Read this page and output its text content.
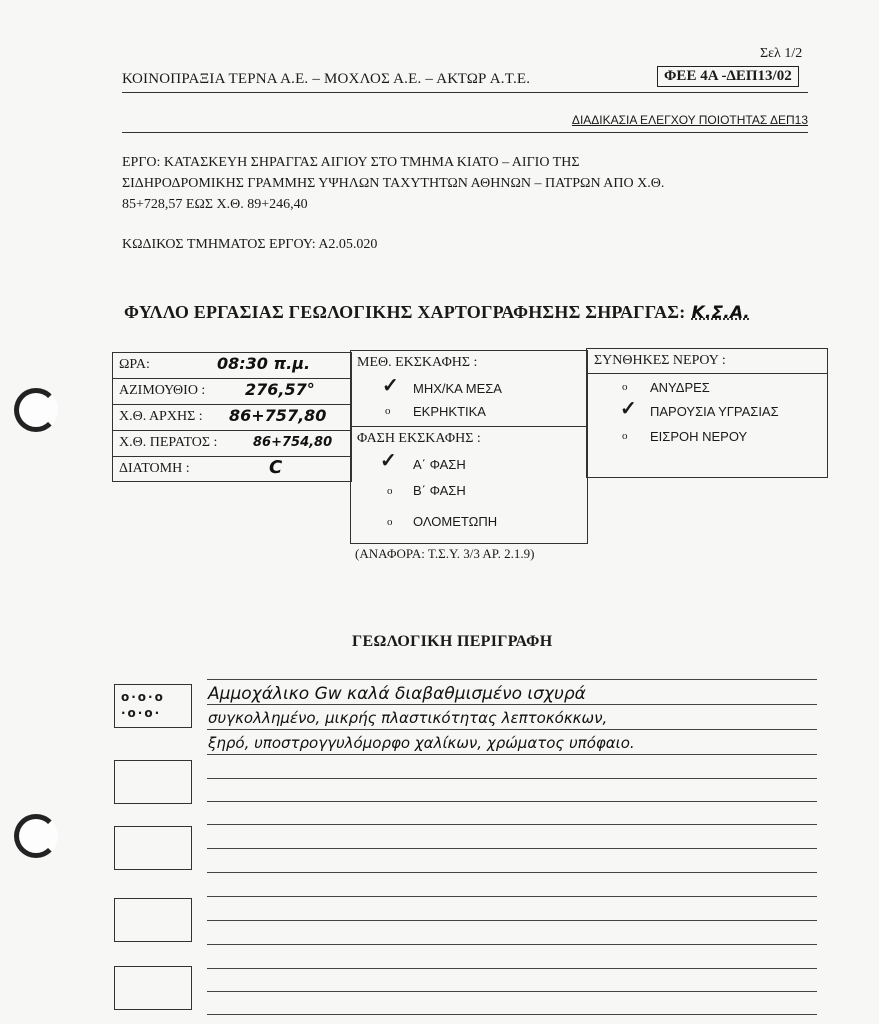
Σελ 1/2
ΚΟΙΝΟΠΡΑΞΙΑ ΤΕΡΝΑ Α.Ε. – ΜΟΧΛΟΣ Α.Ε. – ΑΚΤΩΡ Α.Τ.Ε.	ΦΕΕ 4Α -ΔΕΠ13/02
ΔΙΑΔΙΚΑΣΙΑ ΕΛΕΓΧΟΥ ΠΟΙΟΤΗΤΑΣ ΔΕΠ13
ΕΡΓΟ: ΚΑΤΑΣΚΕΥΗ ΣΗΡΑΓΓΑΣ ΑΙΓΙΟΥ ΣΤΟ ΤΜΗΜΑ ΚΙΑΤΟ – ΑΙΓΙΟ ΤΗΣ
ΣΙΔΗΡΟΔΡΟΜΙΚΗΣ ΓΡΑΜΜΗΣ ΥΨΗΛΩΝ ΤΑΧΥΤΗΤΩΝ ΑΘΗΝΩΝ – ΠΑΤΡΩΝ ΑΠΟ Χ.Θ.
85+728,57 ΕΩΣ Χ.Θ. 89+246,40
ΚΩΔΙΚΟΣ ΤΜΗΜΑΤΟΣ ΕΡΓΟΥ: Α2.05.020
ΦΥΛΛΟ ΕΡΓΑΣΙΑΣ ΓΕΩΛΟΓΙΚΗΣ ΧΑΡΤΟΓΡΑΦΗΣΗΣ ΣΗΡΑΓΓΑΣ: Κ.Σ.Α.
ΩΡΑ:	08:30 π.μ.
ΑΖΙΜΟΥΘΙΟ : 276,57°
Χ.Θ. ΑΡΧΗΣ : 86+757,80
Χ.Θ. ΠΕΡΑΤΟΣ :	86+754,80
ΔΙΑΤΟΜΗ :	C
ΜΕΘ. ΕΚΣΚΑΦΗΣ :
✓ ΜΗΧ/ΚΑ ΜΕΣΑ
o ΕΚΡΗΚΤΙΚΑ
ΦΑΣΗ ΕΚΣΚΑΦΗΣ :
✓ Α΄ ΦΑΣΗ
o Β΄ ΦΑΣΗ
o ΟΛΟΜΕΤΩΠΗ
ΣΥΝΘΗΚΕΣ ΝΕΡΟΥ :
o ΑΝΥΔΡΕΣ
✓ ΠΑΡΟΥΣΙΑ ΥΓΡΑΣΙΑΣ
o ΕΙΣΡΟΗ ΝΕΡΟΥ
(ΑΝΑΦΟΡΑ: Τ.Σ.Υ. 3/3 ΑΡ. 2.1.9)
ΓΕΩΛΟΓΙΚΗ ΠΕΡΙΓΡΑΦΗ
o·o·o
·o·o·
Αμμοχάλικο Gw καλά διαβαθμισμένο ισχυρά
συγκολλημένο, μικρής πλαστικότητας λεπτοκόκκων,
ξηρό, υποστρογγυλόμορφο χαλίκων, χρώματος υπόφαιο.
